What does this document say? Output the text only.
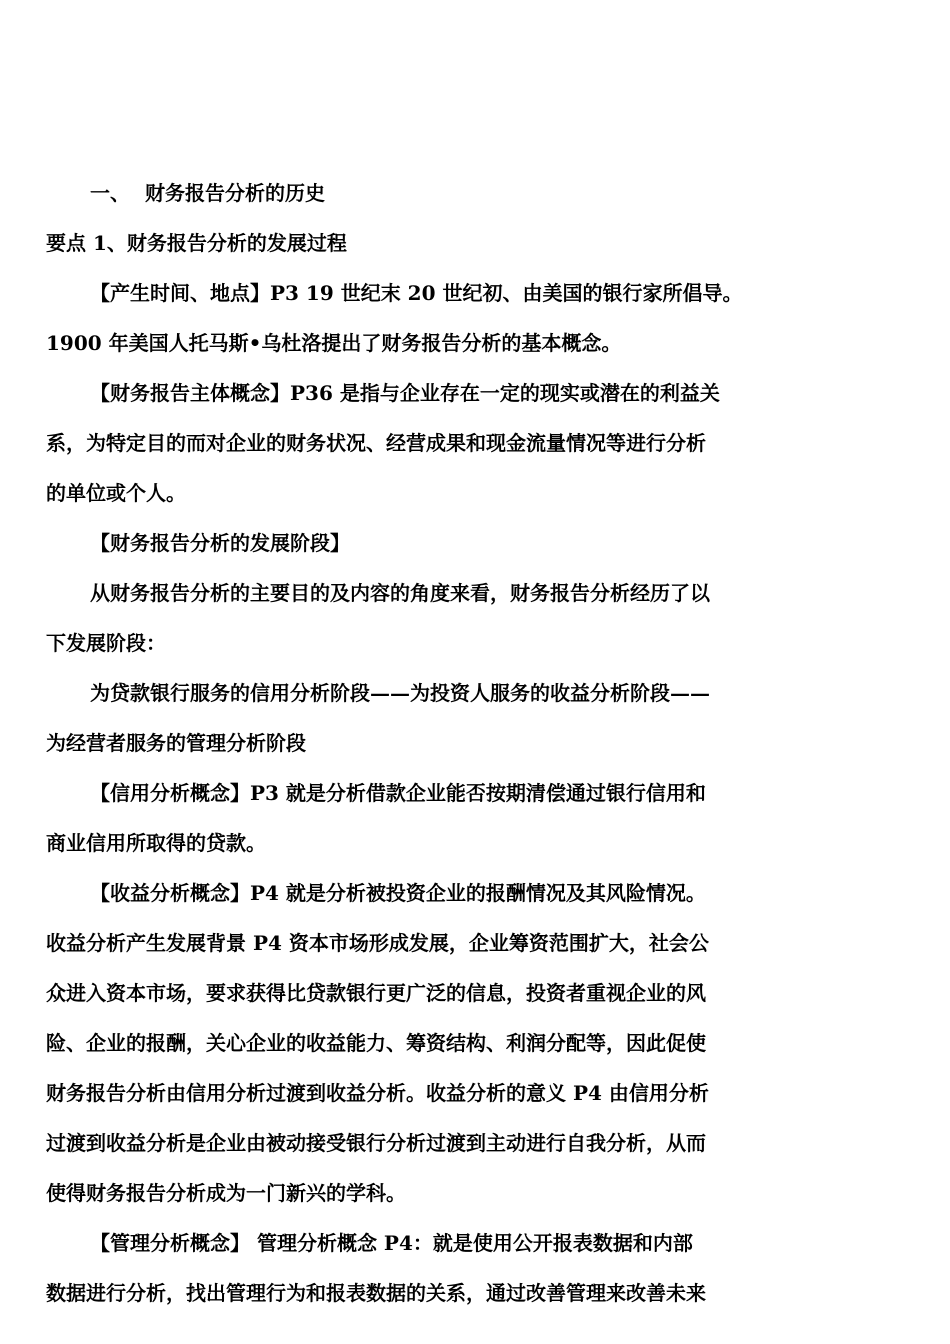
一、 财务报告分析的历史
要点 1、财务报告分析的发展过程
【产生时间、地点】P3 19 世纪末 20 世纪初、由美国的银行家所倡导。
1900 年美国人托马斯•乌杜洛提出了财务报告分析的基本概念。
【财务报告主体概念】P36 是指与企业存在一定的现实或潜在的利益关
系，为特定目的而对企业的财务状况、经营成果和现金流量情况等进行分析
的单位或个人。
【财务报告分析的发展阶段】
从财务报告分析的主要目的及内容的角度来看，财务报告分析经历了以
下发展阶段：
为贷款银行服务的信用分析阶段——为投资人服务的收益分析阶段——
为经营者服务的管理分析阶段
【信用分析概念】P3 就是分析借款企业能否按期清偿通过银行信用和
商业信用所取得的贷款。
【收益分析概念】P4 就是分析被投资企业的报酬情况及其风险情况。
收益分析产生发展背景 P4 资本市场形成发展，企业筹资范围扩大，社会公
众进入资本市场，要求获得比贷款银行更广泛的信息，投资者重视企业的风
险、企业的报酬，关心企业的收益能力、筹资结构、利润分配等，因此促使
财务报告分析由信用分析过渡到收益分析。收益分析的意义 P4 由信用分析
过渡到收益分析是企业由被动接受银行分析过渡到主动进行自我分析，从而
使得财务报告分析成为一门新兴的学科。
【管理分析概念】 管理分析概念 P4：就是使用公开报表数据和内部
数据进行分析，找出管理行为和报表数据的关系，通过改善管理来改善未来
